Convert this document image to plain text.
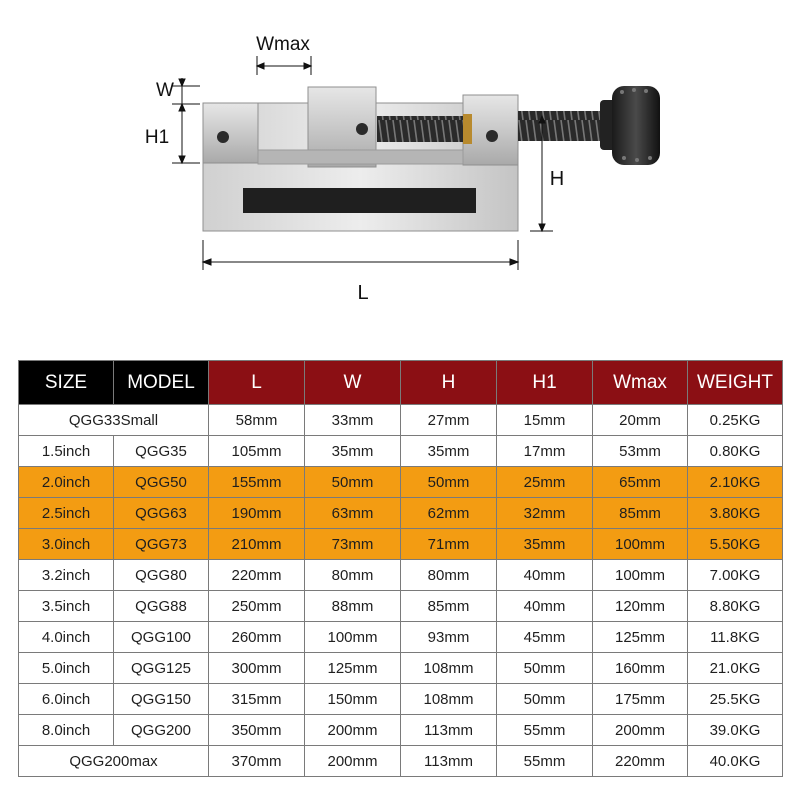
Wmax
W
H1
H
L
SIZE	MODEL	L	W	H	H1	Wmax	WEIGHT
QGG33Small		58mm	33mm	27mm	15mm	20mm	0.25KG
1.5inch	QGG35	105mm	35mm	35mm	17mm	53mm	0.80KG
2.0inch	QGG50	155mm	50mm	50mm	25mm	65mm	2.10KG
2.5inch	QGG63	190mm	63mm	62mm	32mm	85mm	3.80KG
3.0inch	QGG73	210mm	73mm	71mm	35mm	100mm	5.50KG
3.2inch	QGG80	220mm	80mm	80mm	40mm	100mm	7.00KG
3.5inch	QGG88	250mm	88mm	85mm	40mm	120mm	8.80KG
4.0inch	QGG100	260mm	100mm	93mm	45mm	125mm	11.8KG
5.0inch	QGG125	300mm	125mm	108mm	50mm	160mm	21.0KG
6.0inch	QGG150	315mm	150mm	108mm	50mm	175mm	25.5KG
8.0inch	QGG200	350mm	200mm	113mm	55mm	200mm	39.0KG
QGG200max		370mm	200mm	113mm	55mm	220mm	40.0KG
